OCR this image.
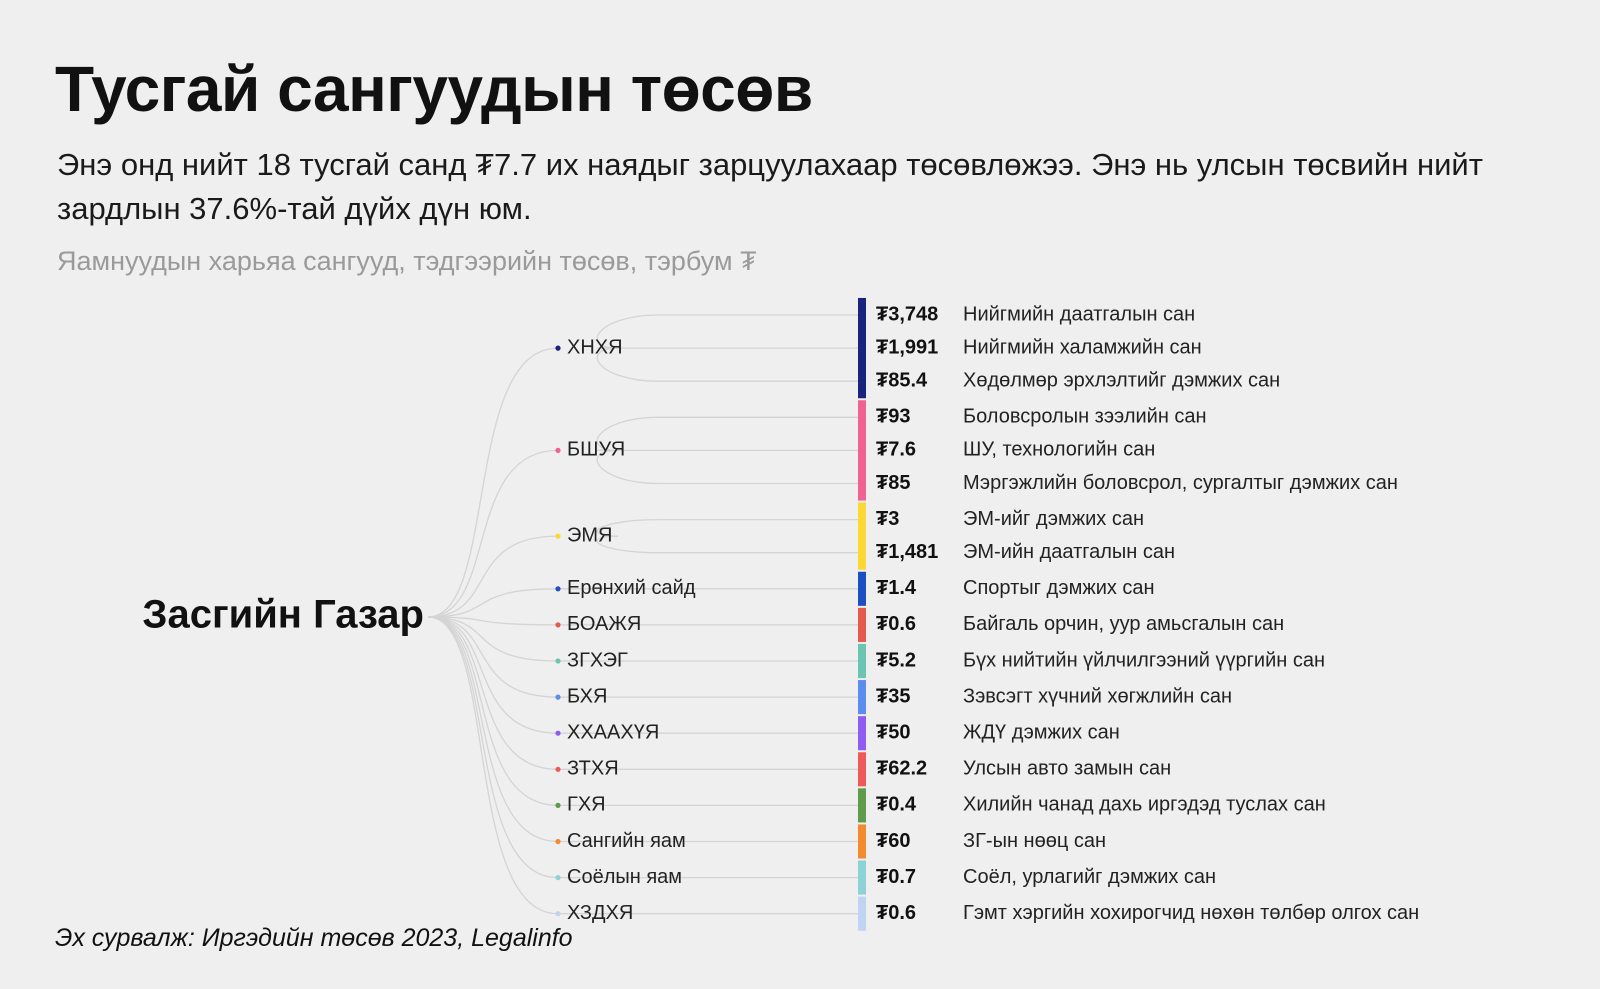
Тусгай сангуудын төсөв

Энэ онд нийт 18 тусгай санд ₮7.7 их наядыг зарцуулахаар төсөвлөжээ. Энэ нь улсын төсвийн нийт зардлын 37.6%-тай дүйх дүн юм.

Яамнуудын харьяа сангууд, тэдгээрийн төсөв, тэрбум ₮
Засгийн Газар
ХНХЯ
₮3,748 Нийгмийн даатгалын сан
₮1,991 Нийгмийн халамжийн сан
₮85.4 Хөдөлмөр эрхлэлтийг дэмжих сан
БШУЯ
₮93	Боловсролын зээлийн сан
₮7.6 ШУ, технологийн сан
₮85	Мэргэжлийн боловсрол, сургалтыг дэмжих сан
ЭМЯ
₮3	ЭМ-ийг дэмжих сан
₮1,481 ЭМ-ийн даатгалын сан
Ерөнхий сайд	₮1.4 Спортыг дэмжих сан
БОАЖЯ	₮0.6 Байгаль орчин, уур амьсгалын сан
ЗГХЭГ	₮5.2 Бүх нийтийн үйлчилгээний үүргийн сан
БХЯ	₮35	Зэвсэгт хүчний хөгжлийн сан
ХХААХҮЯ	₮50	ЖДҮ дэмжих сан
ЗТХЯ	₮62.2 Улсын авто замын сан
ГХЯ	₮0.4 Хилийн чанад дахь иргэдэд туслах сан
Сангийн яам	₮60	ЗГ-ын нөөц сан
Соёлын яам	₮0.7 Соёл, урлагийг дэмжих сан
ХЗДХЯ	₮0.6 Гэмт хэргийн хохирогчид нөхөн төлбөр олгох сан
Эх сурвалж: Иргэдийн төсөв 2023, Legalinfo
